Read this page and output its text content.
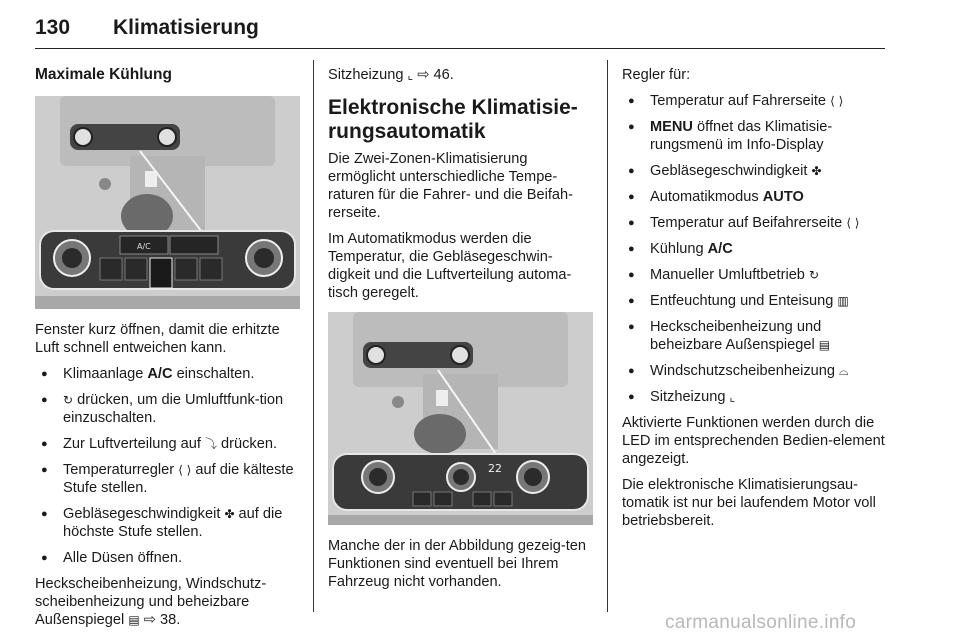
130 Klimatisierung
Maximale Kühlung
A/C

Fenster kurz öffnen, damit die erhitzte Luft schnell entweichen kann.

● Klimaanlage A/C einschalten.
● ↻ drücken, um die Umluftfunk-tion einzuschalten.
● Zur Luftverteilung auf ⤵ drücken.
● Temperaturregler ⟨ ⟩ auf die kälteste Stufe stellen.
● Gebläsegeschwindigkeit ✤ auf die höchste Stufe stellen.
● Alle Düsen öffnen.

Heckscheibenheizung, Windschutz-scheibenheizung und beheizbare Außenspiegel ▤ ⇨ 38.

Sitzheizung ⌞ ⇨ 46.

Elektronische Klimatisie-rungsautomatik

Die Zwei-Zonen-Klimatisierung ermöglicht unterschiedliche Tempe-raturen für die Fahrer- und die Beifah-rerseite.

Im Automatikmodus werden die Temperatur, die Gebläsegeschwin-digkeit und die Luftverteilung automa-tisch geregelt.

22

Manche der in der Abbildung gezeig-ten Funktionen sind eventuell bei Ihrem Fahrzeug nicht vorhanden.

Regler für:

● Temperatur auf Fahrerseite ⟨ ⟩
● MENU öffnet das Klimatisie-rungsmenü im Info-Display
● Gebläsegeschwindigkeit ✤
● Automatikmodus AUTO
● Temperatur auf Beifahrerseite ⟨ ⟩
● Kühlung A/C
● Manueller Umluftbetrieb ↻
● Entfeuchtung und Enteisung ▥
● Heckscheibenheizung und beheizbare Außenspiegel ▤
● Windschutzscheibenheizung ⌓
● Sitzheizung ⌞

Aktivierte Funktionen werden durch die LED im entsprechenden Bedien-element angezeigt.

Die elektronische Klimatisierungsau-tomatik ist nur bei laufendem Motor voll betriebsbereit.

carmanualsonline.info
